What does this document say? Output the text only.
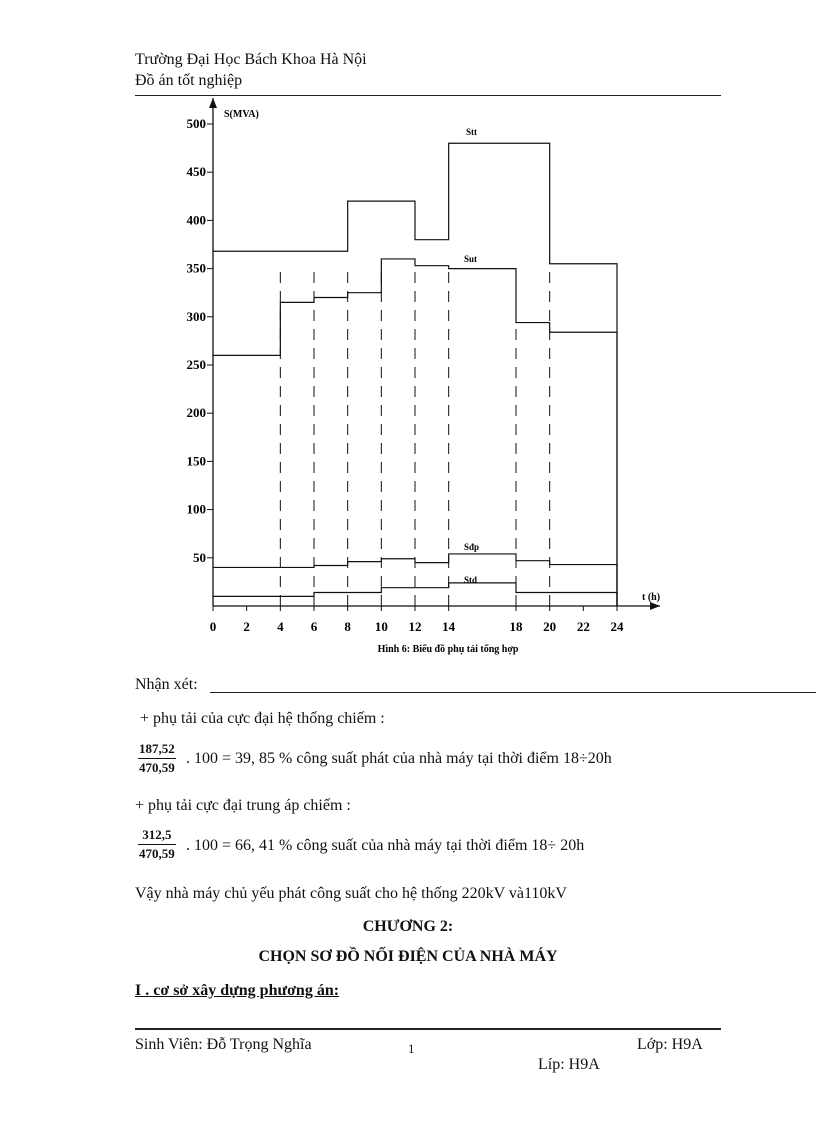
Trường Đại Học Bách Khoa Hà Nội
Đồ án tốt nghiệp
50
100
150
200
250
300
350
400
450
500
0 2 4 6 8 10 12 14	18 20 22 24
Stt
Sut
Sđp
Std
S(MVA)
t (h)
Hình 6: Biểu đồ phụ tải tổng hợp
Nhận xét:
+ phụ tải của cực đại hệ thống chiếm :
187,52
470,59
. 100 = 39, 85 % công suất phát của nhà máy tại thời điểm 18÷20h
+ phụ tải cực đại trung áp chiếm :
312,5
470,59 . 100 = 66, 41 % công suất của nhà máy tại thời điểm 18÷ 20h
Vậy nhà máy chủ yếu phát công suất cho hệ thống 220kV và110kV
CHƯƠNG 2:
CHỌN SƠ ĐỒ NỐI ĐIỆN CỦA NHÀ MÁY
I . cơ sở xây dựng phương án:
Sinh Viên: Đỗ Trọng Nghĩa	1	Lớp: H9A
Líp: H9A
